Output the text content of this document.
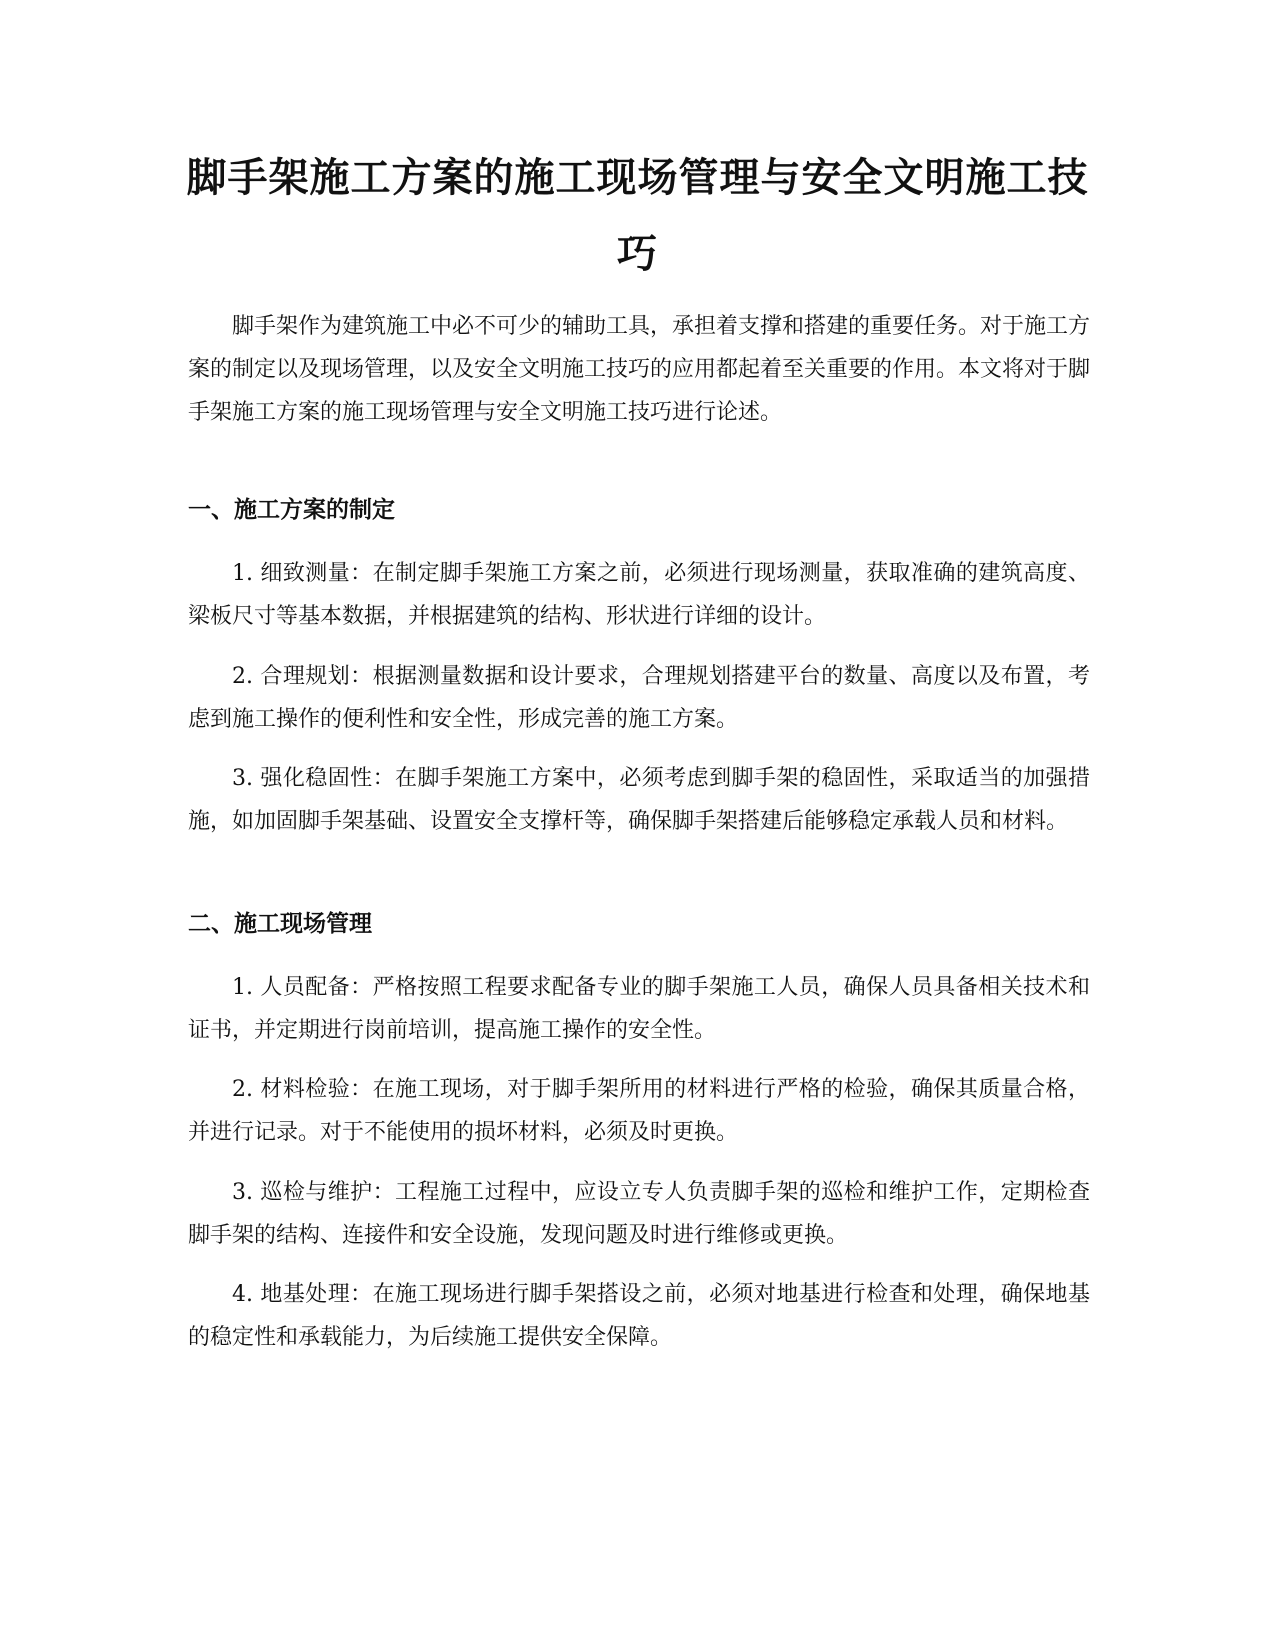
脚手架施工方案的施工现场管理与安全文明施工技巧

脚手架作为建筑施工中必不可少的辅助工具，承担着支撑和搭建的重要任务。对于施工方案的制定以及现场管理，以及安全文明施工技巧的应用都起着至关重要的作用。本文将对于脚手架施工方案的施工现场管理与安全文明施工技巧进行论述。

一、施工方案的制定

1. 细致测量：在制定脚手架施工方案之前，必须进行现场测量，获取准确的建筑高度、梁板尺寸等基本数据，并根据建筑的结构、形状进行详细的设计。

2. 合理规划：根据测量数据和设计要求，合理规划搭建平台的数量、高度以及布置，考虑到施工操作的便利性和安全性，形成完善的施工方案。

3. 强化稳固性：在脚手架施工方案中，必须考虑到脚手架的稳固性，采取适当的加强措施，如加固脚手架基础、设置安全支撑杆等，确保脚手架搭建后能够稳定承载人员和材料。

二、施工现场管理

1. 人员配备：严格按照工程要求配备专业的脚手架施工人员，确保人员具备相关技术和证书，并定期进行岗前培训，提高施工操作的安全性。

2. 材料检验：在施工现场，对于脚手架所用的材料进行严格的检验，确保其质量合格，并进行记录。对于不能使用的损坏材料，必须及时更换。

3. 巡检与维护：工程施工过程中，应设立专人负责脚手架的巡检和维护工作，定期检查脚手架的结构、连接件和安全设施，发现问题及时进行维修或更换。

4. 地基处理：在施工现场进行脚手架搭设之前，必须对地基进行检查和处理，确保地基的稳定性和承载能力，为后续施工提供安全保障。
